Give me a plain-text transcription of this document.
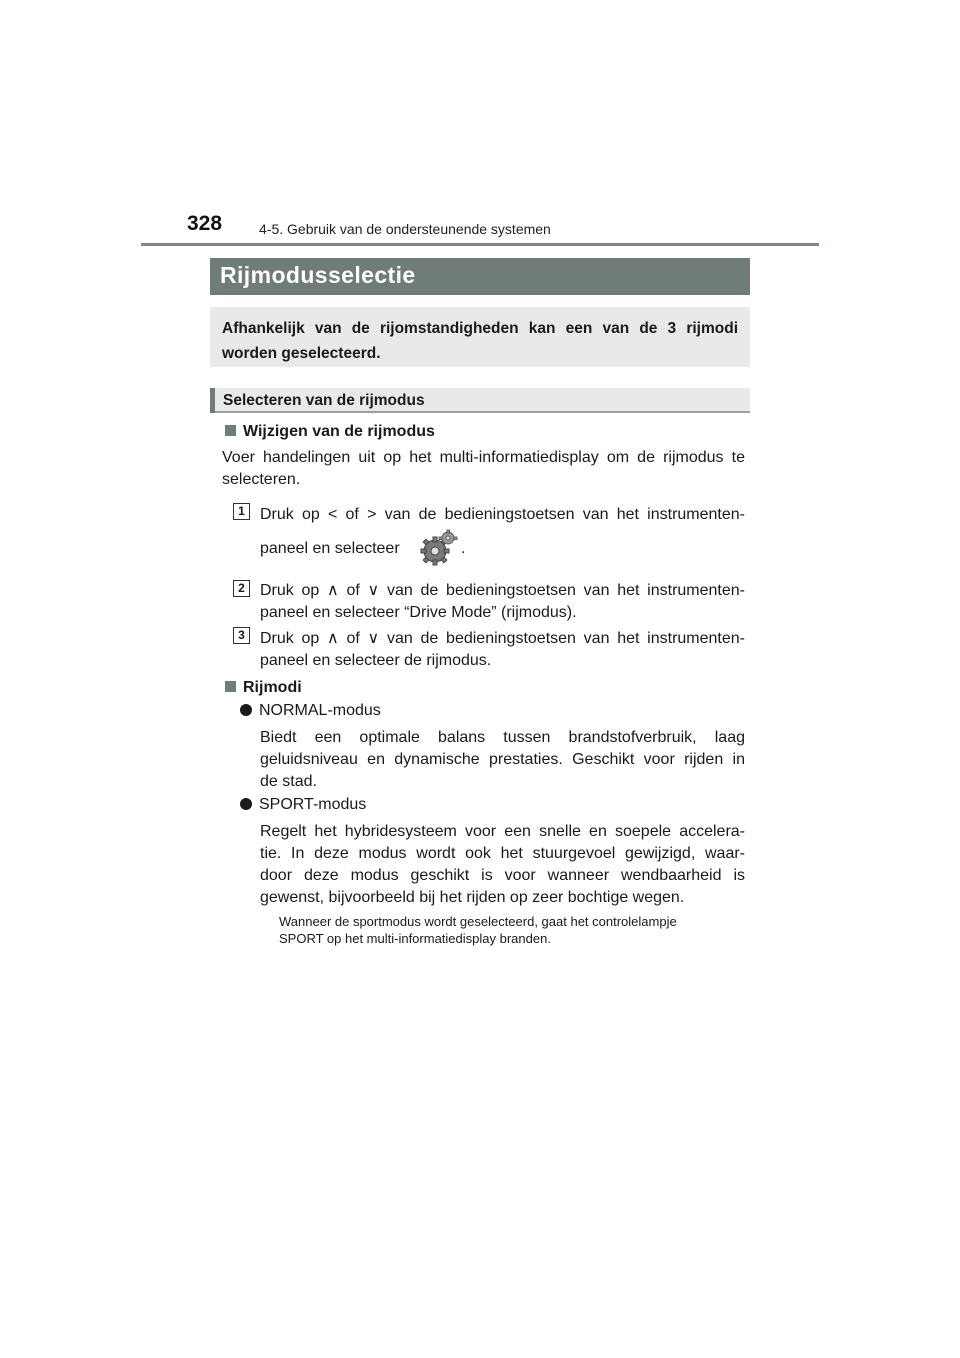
328	4-5. Gebruik van de ondersteunende systemen
Rijmodusselectie
Afhankelijk van de rijomstandigheden kan een van de 3 rijmodi worden geselecteerd.
Selecteren van de rijmodus
Wijzigen van de rijmodus
Voer handelingen uit op het multi-informatiedisplay om de rijmodus te
selecteren.
1 Druk op < of > van de bedieningstoetsen van het instrumenten-
paneel en selecteer	.
2 Druk op ∧ of ∨ van de bedieningstoetsen van het instrumenten-
paneel en selecteer “Drive Mode” (rijmodus).
3 Druk op ∧ of ∨ van de bedieningstoetsen van het instrumenten-
paneel en selecteer de rijmodus.
Rijmodi
NORMAL-modus
Biedt een optimale balans tussen brandstofverbruik, laag
geluidsniveau en dynamische prestaties. Geschikt voor rijden in
de stad.
SPORT-modus
Regelt het hybridesysteem voor een snelle en soepele accelera-
tie. In deze modus wordt ook het stuurgevoel gewijzigd, waar-
door deze modus geschikt is voor wanneer wendbaarheid is
gewenst, bijvoorbeeld bij het rijden op zeer bochtige wegen.
Wanneer de sportmodus wordt geselecteerd, gaat het controlelampje
SPORT op het multi-informatiedisplay branden.
